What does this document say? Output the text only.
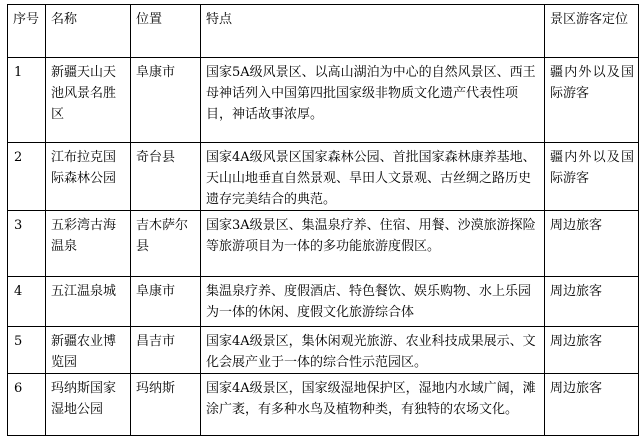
序号	名称	位置	特点	景区游客定位
1	新疆天山天池风景名胜区	阜康市	国家5A级风景区、以高山湖泊为中心的自然风景区、西王母神话列入中国第四批国家级非物质文化遗产代表性项目，神话故事浓厚。	疆内外以及国际游客
2	江布拉克国际森林公园	奇台县	国家4A级风景区国家森林公园、首批国家森林康养基地、天山山地垂直自然景观、旱田人文景观、古丝绸之路历史遗存完美结合的典范。	疆内外以及国际游客
3	五彩湾古海温泉	吉木萨尔县	国家3A级景区、集温泉疗养、住宿、用餐、沙漠旅游探险等旅游项目为一体的多功能旅游度假区。	周边旅客
4	五江温泉城	阜康市	集温泉疗养、度假酒店、特色餐饮、娱乐购物、水上乐园为一体的休闲、度假文化旅游综合体	周边旅客
5	新疆农业博览园	昌吉市	国家4A级景区，集休闲观光旅游、农业科技成果展示、文化会展产业于一体的综合性示范园区。	周边旅客
6	玛纳斯国家湿地公园	玛纳斯	国家4A级景区，国家级湿地保护区，湿地内水域广阔，滩涂广袤，有多种水鸟及植物种类，有独特的农场文化。	周边旅客
